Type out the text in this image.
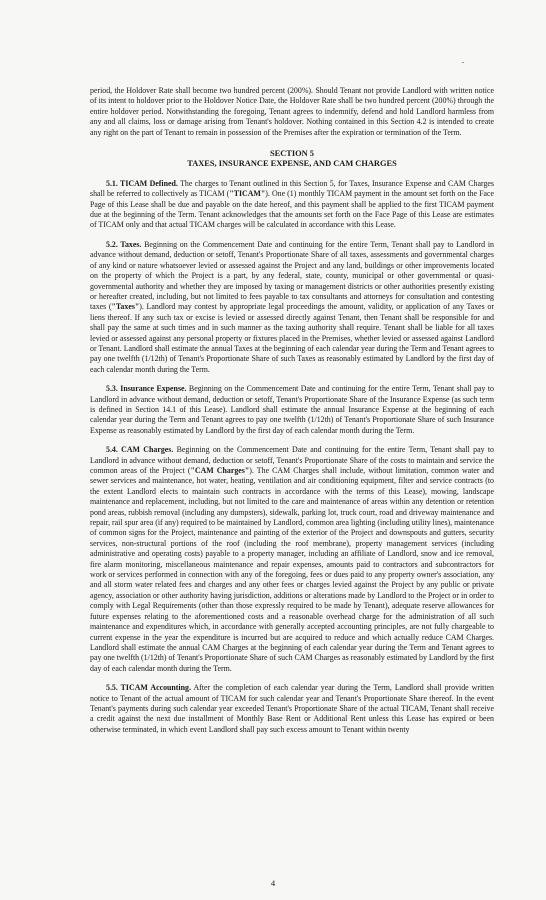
period, the Holdover Rate shall become two hundred percent (200%). Should Tenant not provide Landlord with written notice of its intent to holdover prior to the Holdover Notice Date, the Holdover Rate shall be two hundred percent (200%) through the entire holdover period. Notwithstanding the foregoing, Tenant agrees to indemnify, defend and hold Landlord harmless from any and all claims, loss or damage arising from Tenant's holdover. Nothing contained in this Section 4.2 is intended to create any right on the part of Tenant to remain in possession of the Premises after the expiration or termination of the Term.

SECTION 5
TAXES, INSURANCE EXPENSE, AND CAM CHARGES

5.1. TICAM Defined. The charges to Tenant outlined in this Section 5, for Taxes, Insurance Expense and CAM Charges shall be referred to collectively as TICAM ("TICAM"). One (1) monthly TICAM payment in the amount set forth on the Face Page of this Lease shall be due and payable on the date hereof, and this payment shall be applied to the first TICAM payment due at the beginning of the Term. Tenant acknowledges that the amounts set forth on the Face Page of this Lease are estimates of TICAM only and that actual TICAM charges will be calculated in accordance with this Lease.

5.2. Taxes. Beginning on the Commencement Date and continuing for the entire Term, Tenant shall pay to Landlord in advance without demand, deduction or setoff, Tenant's Proportionate Share of all taxes, assessments and governmental charges of any kind or nature whatsoever levied or assessed against the Project and any land, buildings or other improvements located on the property of which the Project is a part, by any federal, state, county, municipal or other governmental or quasi-governmental authority and whether they are imposed by taxing or management districts or other authorities presently existing or hereafter created, including, but not limited to fees payable to tax consultants and attorneys for consultation and contesting taxes ("Taxes"). Landlord may contest by appropriate legal proceedings the amount, validity, or application of any Taxes or liens thereof. If any such tax or excise is levied or assessed directly against Tenant, then Tenant shall be responsible for and shall pay the same at such times and in such manner as the taxing authority shall require. Tenant shall be liable for all taxes levied or assessed against any personal property or fixtures placed in the Premises, whether levied or assessed against Landlord or Tenant. Landlord shall estimate the annual Taxes at the beginning of each calendar year during the Term and Tenant agrees to pay one twelfth (1/12th) of Tenant's Proportionate Share of such Taxes as reasonably estimated by Landlord by the first day of each calendar month during the Term.

5.3. Insurance Expense. Beginning on the Commencement Date and continuing for the entire Term, Tenant shall pay to Landlord in advance without demand, deduction or setoff, Tenant's Proportionate Share of the Insurance Expense (as such term is defined in Section 14.1 of this Lease). Landlord shall estimate the annual Insurance Expense at the beginning of each calendar year during the Term and Tenant agrees to pay one twelfth (1/12th) of Tenant's Proportionate Share of such Insurance Expense as reasonably estimated by Landlord by the first day of each calendar month during the Term.

5.4. CAM Charges. Beginning on the Commencement Date and continuing for the entire Term, Tenant shall pay to Landlord in advance without demand, deduction or setoff, Tenant's Proportionate Share of the costs to maintain and service the common areas of the Project ("CAM Charges"). The CAM Charges shall include, without limitation, common water and sewer services and maintenance, hot water, heating, ventilation and air conditioning equipment, filter and service contracts (to the extent Landlord elects to maintain such contracts in accordance with the terms of this Lease), mowing, landscape maintenance and replacement, including, but not limited to the care and maintenance of areas within any detention or retention pond areas, rubbish removal (including any dumpsters), sidewalk, parking lot, truck court, road and driveway maintenance and repair, rail spur area (if any) required to be maintained by Landlord, common area lighting (including utility lines), maintenance of common signs for the Project, maintenance and painting of the exterior of the Project and downspouts and gutters, security services, non-structural portions of the roof (including the roof membrane), property management services (including administrative and operating costs) payable to a property manager, including an affiliate of Landlord, snow and ice removal, fire alarm monitoring, miscellaneous maintenance and repair expenses, amounts paid to contractors and subcontractors for work or services performed in connection with any of the foregoing, fees or dues paid to any property owner's association, any and all storm water related fees and charges and any other fees or charges levied against the Project by any public or private agency, association or other authority having jurisdiction, additions or alterations made by Landlord to the Project or in order to comply with Legal Requirements (other than those expressly required to be made by Tenant), adequate reserve allowances for future expenses relating to the aforementioned costs and a reasonable overhead charge for the administration of all such maintenance and expenditures which, in accordance with generally accepted accounting principles, are not fully chargeable to current expense in the year the expenditure is incurred but are acquired to reduce and which actually reduce CAM Charges. Landlord shall estimate the annual CAM Charges at the beginning of each calendar year during the Term and Tenant agrees to pay one twelfth (1/12th) of Tenant's Proportionate Share of such CAM Charges as reasonably estimated by Landlord by the first day of each calendar month during the Term.

5.5. TICAM Accounting. After the completion of each calendar year during the Term, Landlord shall provide written notice to Tenant of the actual amount of TICAM for such calendar year and Tenant's Proportionate Share thereof. In the event Tenant's payments during such calendar year exceeded Tenant's Proportionate Share of the actual TICAM, Tenant shall receive a credit against the next due installment of Monthly Base Rent or Additional Rent unless this Lease has expired or been otherwise terminated, in which event Landlord shall pay such excess amount to Tenant within twenty

4
